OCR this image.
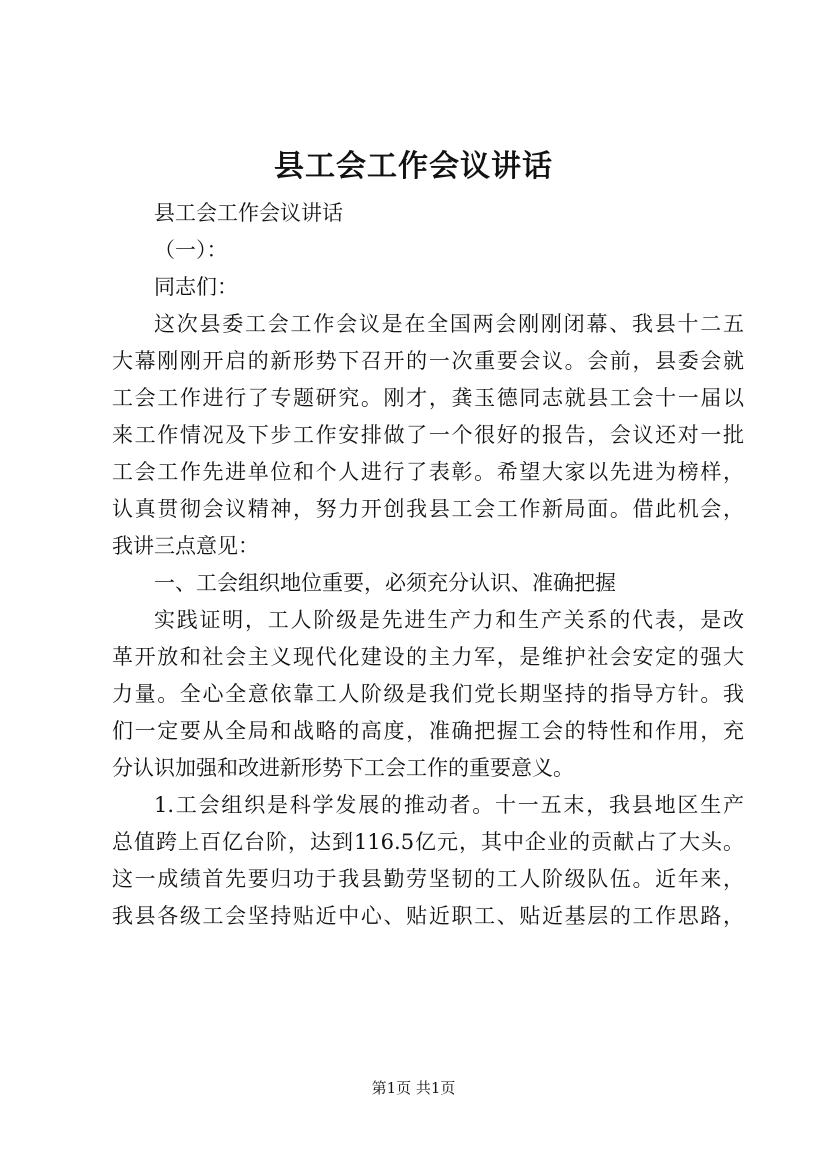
县工会工作会议讲话
县工会工作会议讲话
（一）：
同志们：
这次县委工会工作会议是在全国两会刚刚闭幕、我县十二五
大幕刚刚开启的新形势下召开的一次重要会议。会前，县委会就
工会工作进行了专题研究。刚才，龚玉德同志就县工会十一届以
来工作情况及下步工作安排做了一个很好的报告，会议还对一批
工会工作先进单位和个人进行了表彰。希望大家以先进为榜样，
认真贯彻会议精神，努力开创我县工会工作新局面。借此机会，
我讲三点意见：
一、工会组织地位重要，必须充分认识、准确把握
实践证明，工人阶级是先进生产力和生产关系的代表，是改
革开放和社会主义现代化建设的主力军，是维护社会安定的强大
力量。全心全意依靠工人阶级是我们党长期坚持的指导方针。我
们一定要从全局和战略的高度，准确把握工会的特性和作用，充
分认识加强和改进新形势下工会工作的重要意义。
1.工会组织是科学发展的推动者。十一五末，我县地区生产
总值跨上百亿台阶，达到116.5亿元，其中企业的贡献占了大头。
这一成绩首先要归功于我县勤劳坚韧的工人阶级队伍。近年来，
我县各级工会坚持贴近中心、贴近职工、贴近基层的工作思路，
第1页 共1页
